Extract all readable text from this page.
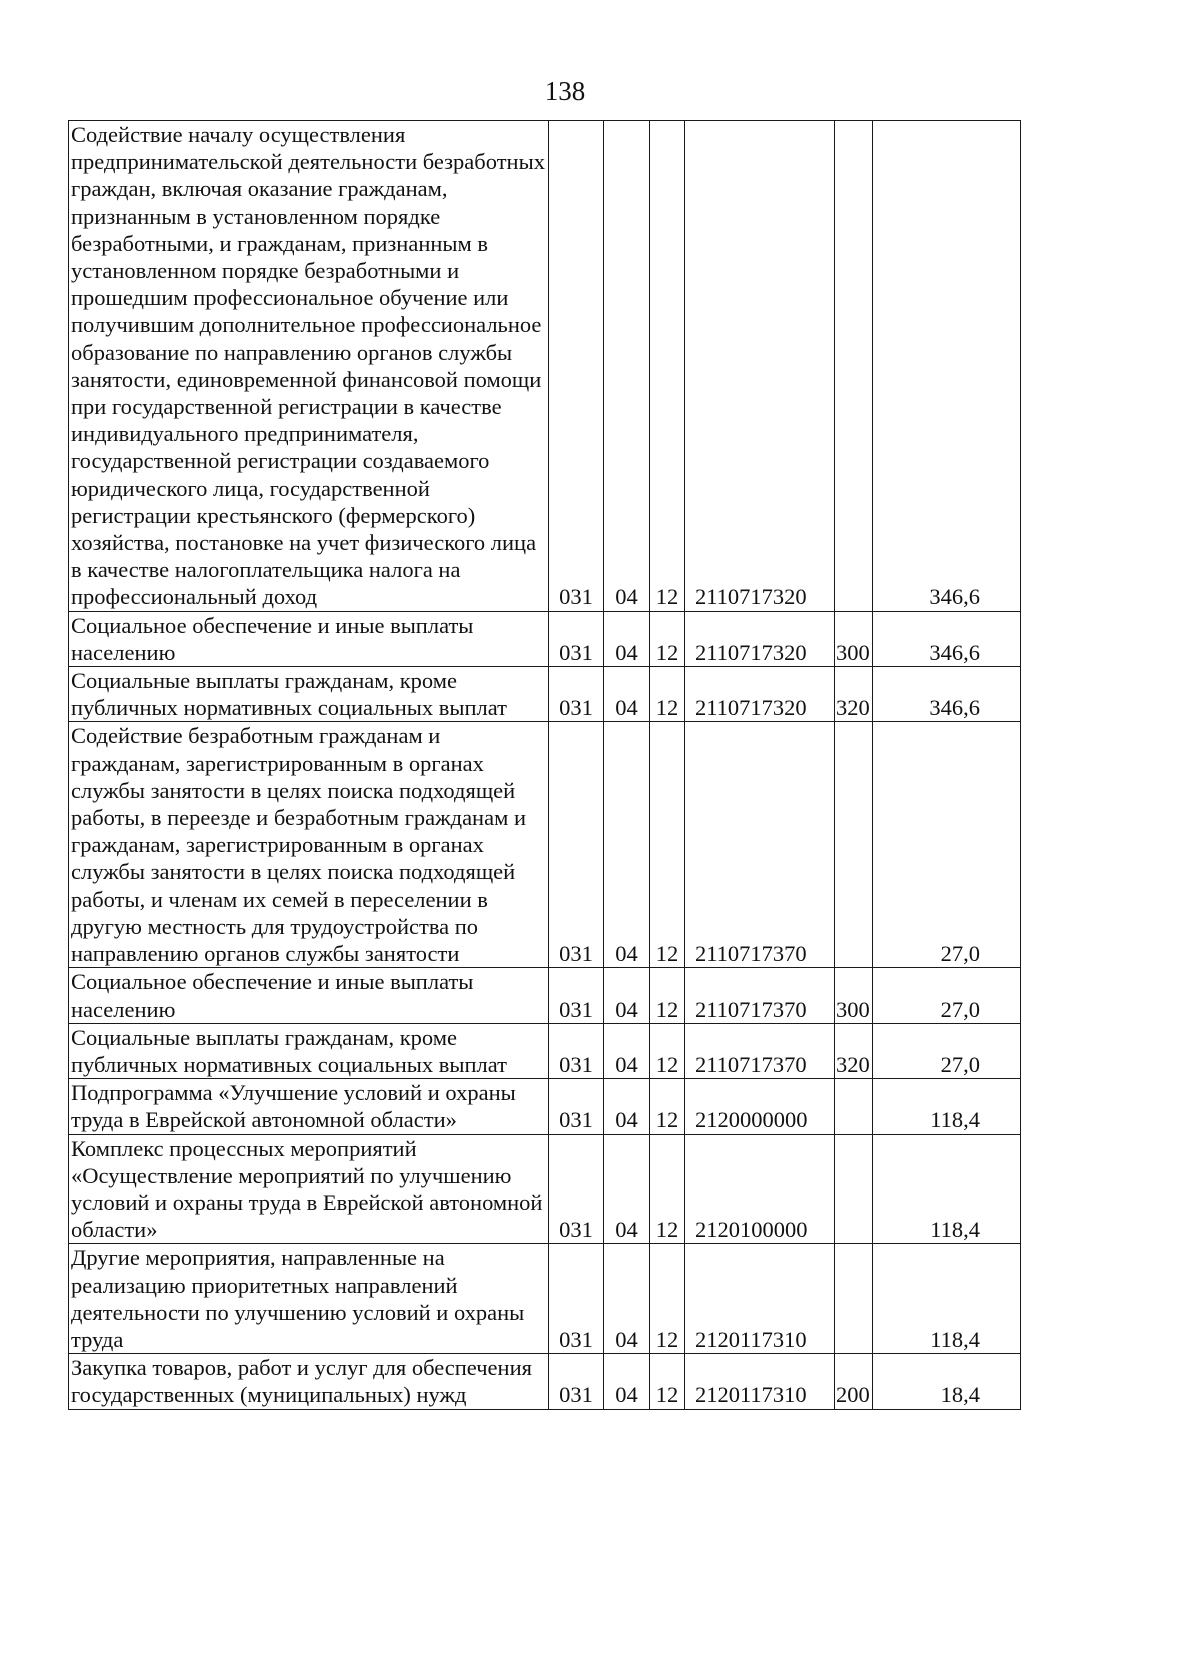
138
Содействие началу осуществления предпринимательской деятельности безработных граждан, включая оказание гражданам, признанным в установленном порядке безработными, и гражданам, признанным в установленном порядке безработными и прошедшим профессиональное обучение или получившим дополнительное профессиональное образование по направлению органов службы занятости, единовременной финансовой помощи при государственной регистрации в качестве индивидуального предпринимателя, государственной регистрации создаваемого юридического лица, государственной регистрации крестьянского (фермерского) хозяйства, постановке на учет физического лица в качестве налогоплательщика налога на профессиональный доход	031	04	12	2110717320		346,6
Социальное обеспечение и иные выплаты населению	031	04	12	2110717320	300	346,6
Социальные выплаты гражданам, кроме публичных нормативных социальных выплат	031	04	12	2110717320	320	346,6
Содействие безработным гражданам и гражданам, зарегистрированным в органах службы занятости в целях поиска подходящей работы, в переезде и безработным гражданам и гражданам, зарегистрированным в органах службы занятости в целях поиска подходящей работы, и членам их семей в переселении в другую местность для трудоустройства по направлению органов службы занятости	031	04	12	2110717370		27,0
Социальное обеспечение и иные выплаты населению	031	04	12	2110717370	300	27,0
Социальные выплаты гражданам, кроме публичных нормативных социальных выплат	031	04	12	2110717370	320	27,0
Подпрограмма «Улучшение условий и охраны труда в Еврейской автономной области»	031	04	12	2120000000		118,4
Комплекс процессных мероприятий «Осуществление мероприятий по улучшению условий и охраны труда в Еврейской автономной области»	031	04	12	2120100000		118,4
Другие мероприятия, направленные на реализацию приоритетных направлений деятельности по улучшению условий и охраны труда	031	04	12	2120117310		118,4
Закупка товаров, работ и услуг для обеспечения государственных (муниципальных) нужд	031	04	12	2120117310	200	18,4
